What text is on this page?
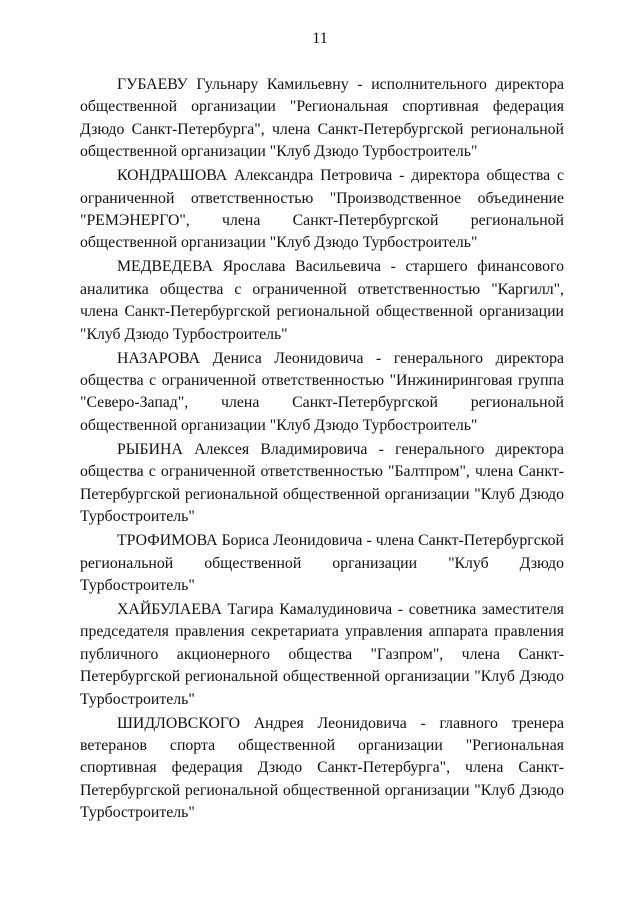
11

ГУБАЕВУ Гульнару Камильевну - исполнительного директора общественной организации "Региональная спортивная федерация Дзюдо Санкт-Петербурга", члена Санкт-Петербургской региональной общественной организации "Клуб Дзюдо Турбостроитель"

КОНДРАШОВА Александра Петровича - директора общества с ограниченной ответственностью "Производственное объединение "РЕМЭНЕРГО", члена Санкт-Петербургской региональной общественной организации "Клуб Дзюдо Турбостроитель"

МЕДВЕДЕВА Ярослава Васильевича - старшего финансового аналитика общества с ограниченной ответственностью "Каргилл", члена Санкт-Петербургской региональной общественной организации "Клуб Дзюдо Турбостроитель"

НАЗАРОВА Дениса Леонидовича - генерального директора общества с ограниченной ответственностью "Инжиниринговая группа "Северо-Запад", члена Санкт-Петербургской региональной общественной организации "Клуб Дзюдо Турбостроитель"

РЫБИНА Алексея Владимировича - генерального директора общества с ограниченной ответственностью "Балтпром", члена Санкт-Петербургской региональной общественной организации "Клуб Дзюдо Турбостроитель"

ТРОФИМОВА Бориса Леонидовича - члена Санкт-Петербургской региональной общественной организации "Клуб Дзюдо Турбостроитель"

ХАЙБУЛАЕВА Тагира Камалудиновича - советника заместителя председателя правления секретариата управления аппарата правления публичного акционерного общества "Газпром", члена Санкт-Петербургской региональной общественной организации "Клуб Дзюдо Турбостроитель"

ШИДЛОВСКОГО Андрея Леонидовича - главного тренера ветеранов спорта общественной организации "Региональная спортивная федерация Дзюдо Санкт-Петербурга", члена Санкт-Петербургской региональной общественной организации "Клуб Дзюдо Турбостроитель"
